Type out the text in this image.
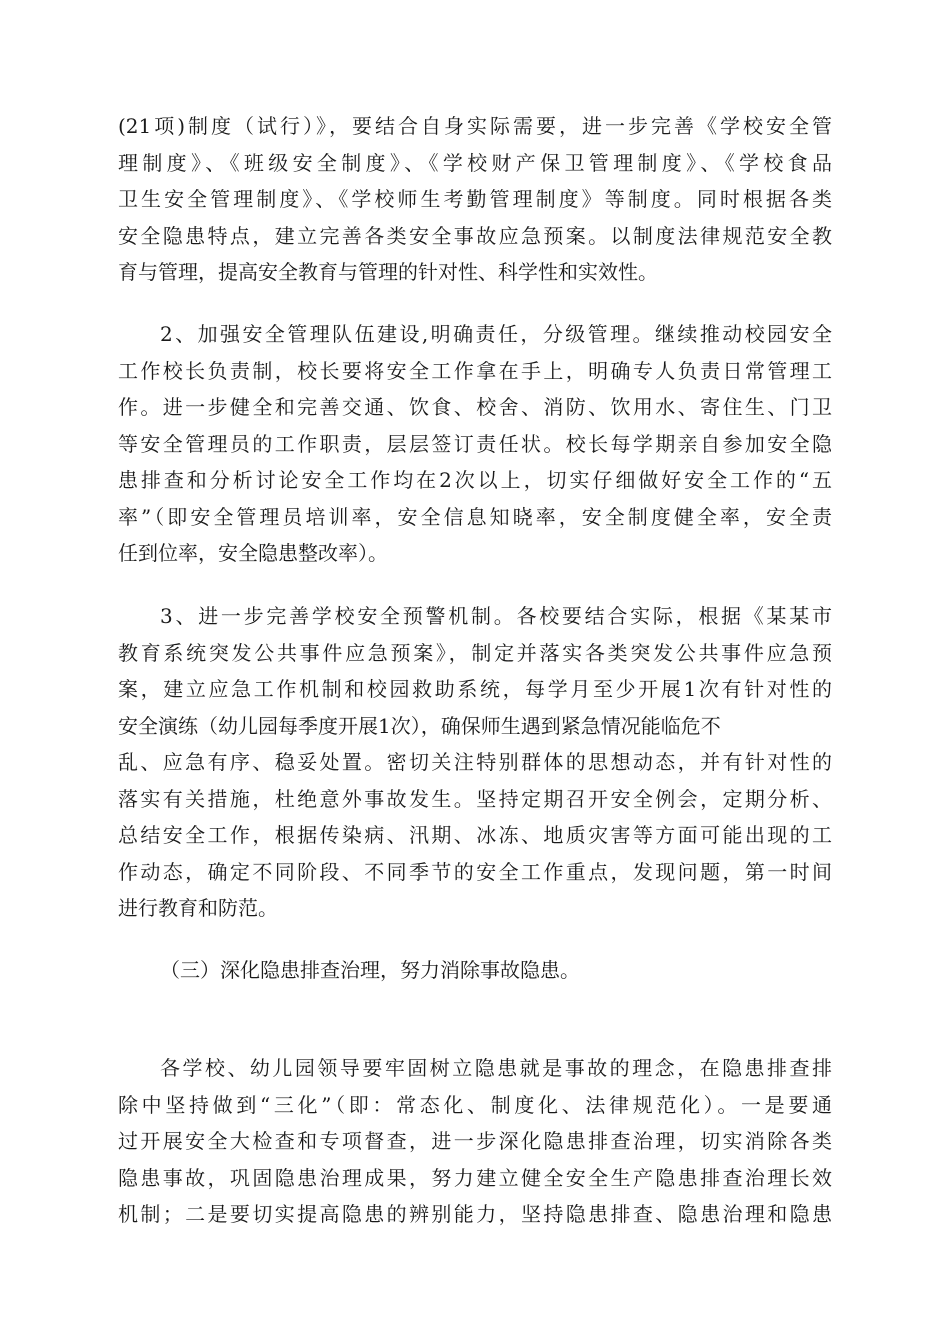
(21项)制度（试行）》，要结合自身实际需要，进一步完善《学校安全管
理制度》、《班级安全制度》、《学校财产保卫管理制度》、《学校食品
卫生安全管理制度》、《学校师生考勤管理制度》等制度。同时根据各类
安全隐患特点，建立完善各类安全事故应急预案。以制度法律规范安全教
育与管理，提高安全教育与管理的针对性、科学性和实效性。
2、加强安全管理队伍建设,明确责任，分级管理。继续推动校园安全
工作校长负责制，校长要将安全工作拿在手上，明确专人负责日常管理工
作。进一步健全和完善交通、饮食、校舍、消防、饮用水、寄住生、门卫
等安全管理员的工作职责，层层签订责任状。校长每学期亲自参加安全隐
患排查和分析讨论安全工作均在2次以上，切实仔细做好安全工作的“五
率”（即安全管理员培训率，安全信息知晓率，安全制度健全率，安全责
任到位率，安全隐患整改率）。
3、进一步完善学校安全预警机制。各校要结合实际，根据《某某市
教育系统突发公共事件应急预案》，制定并落实各类突发公共事件应急预
案，建立应急工作机制和校园救助系统，每学月至少开展1次有针对性的
安全演练（幼儿园每季度开展1次），确保师生遇到紧急情况能临危不
乱、应急有序、稳妥处置。密切关注特别群体的思想动态，并有针对性的
落实有关措施，杜绝意外事故发生。坚持定期召开安全例会，定期分析、
总结安全工作，根据传染病、汛期、冰冻、地质灾害等方面可能出现的工
作动态，确定不同阶段、不同季节的安全工作重点，发现问题，第一时间
进行教育和防范。
（三）深化隐患排查治理，努力消除事故隐患。
各学校、幼儿园领导要牢固树立隐患就是事故的理念，在隐患排查排
除中坚持做到“三化”（即：常态化、制度化、法律规范化）。一是要通
过开展安全大检查和专项督查，进一步深化隐患排查治理，切实消除各类
隐患事故，巩固隐患治理成果，努力建立健全安全生产隐患排查治理长效
机制；二是要切实提高隐患的辨别能力，坚持隐患排查、隐患治理和隐患
